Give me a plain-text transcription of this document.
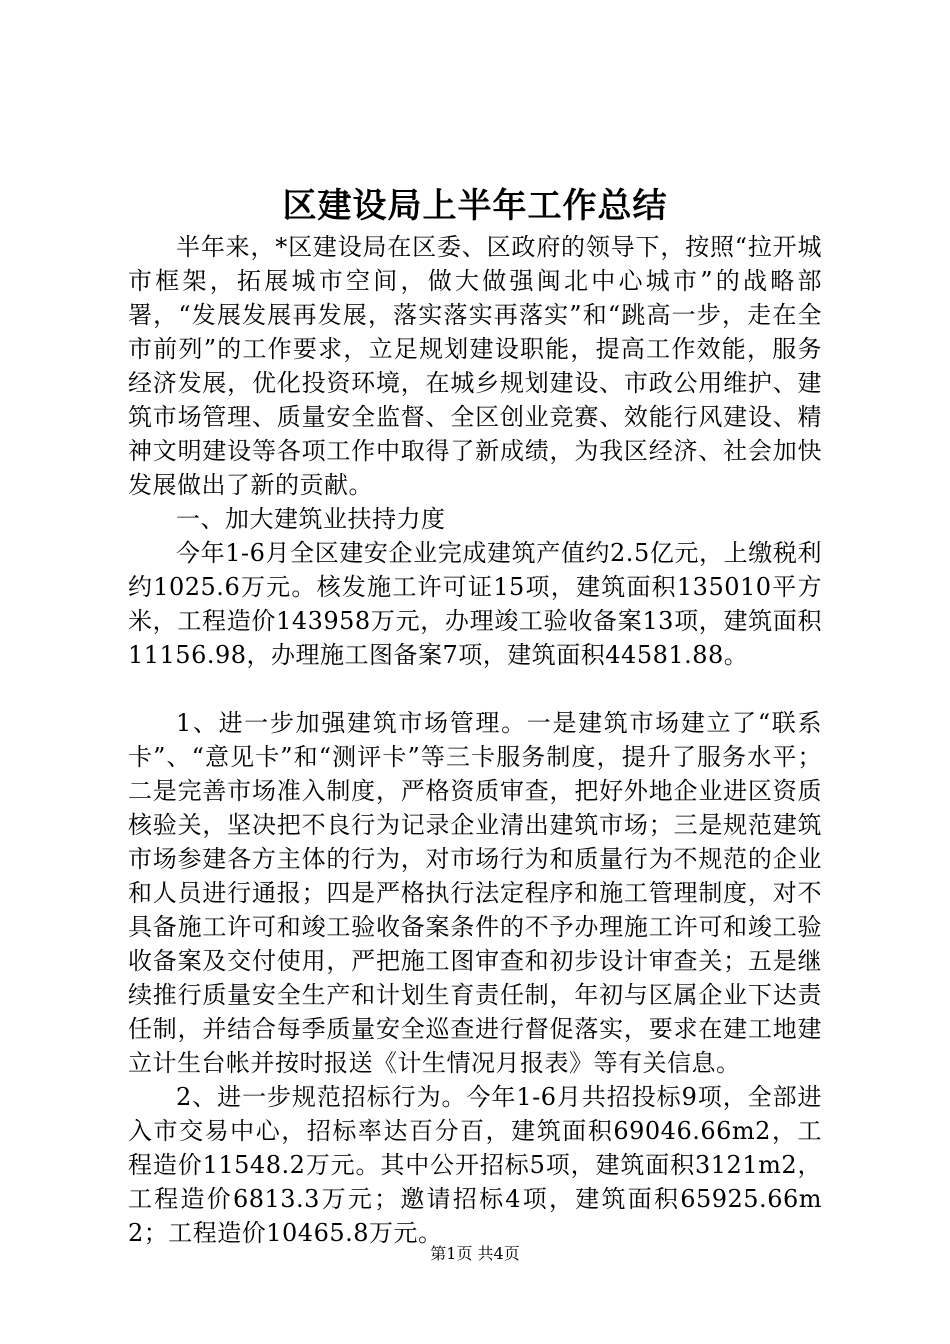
区建设局上半年工作总结

半年来，*区建设局在区委、区政府的领导下，按照“拉开城市框架，拓展城市空间，做大做强闽北中心城市”的战略部署，“发展发展再发展，落实落实再落实”和“跳高一步，走在全市前列”的工作要求，立足规划建设职能，提高工作效能，服务经济发展，优化投资环境，在城乡规划建设、市政公用维护、建筑市场管理、质量安全监督、全区创业竞赛、效能行风建设、精神文明建设等各项工作中取得了新成绩，为我区经济、社会加快发展做出了新的贡献。

一、加大建筑业扶持力度

今年1-6月全区建安企业完成建筑产值约2.5亿元，上缴税利约1025.6万元。核发施工许可证15项，建筑面积135010平方米，工程造价143958万元，办理竣工验收备案13项，建筑面积11156.98，办理施工图备案7项，建筑面积44581.88。

1、进一步加强建筑市场管理。一是建筑市场建立了“联系卡”、“意见卡”和“测评卡”等三卡服务制度，提升了服务水平；二是完善市场准入制度，严格资质审查，把好外地企业进区资质核验关，坚决把不良行为记录企业清出建筑市场；三是规范建筑市场参建各方主体的行为，对市场行为和质量行为不规范的企业和人员进行通报；四是严格执行法定程序和施工管理制度，对不具备施工许可和竣工验收备案条件的不予办理施工许可和竣工验收备案及交付使用，严把施工图审查和初步设计审查关；五是继续推行质量安全生产和计划生育责任制，年初与区属企业下达责任制，并结合每季质量安全巡查进行督促落实，要求在建工地建立计生台帐并按时报送《计生情况月报表》等有关信息。

2、进一步规范招标行为。今年1-6月共招投标9项，全部进入市交易中心，招标率达百分百，建筑面积69046.66m2，工程造价11548.2万元。其中公开招标5项，建筑面积3121m2，工程造价6813.3万元；邀请招标4项，建筑面积65925.66m2；工程造价10465.8万元。

第1页 共4页
